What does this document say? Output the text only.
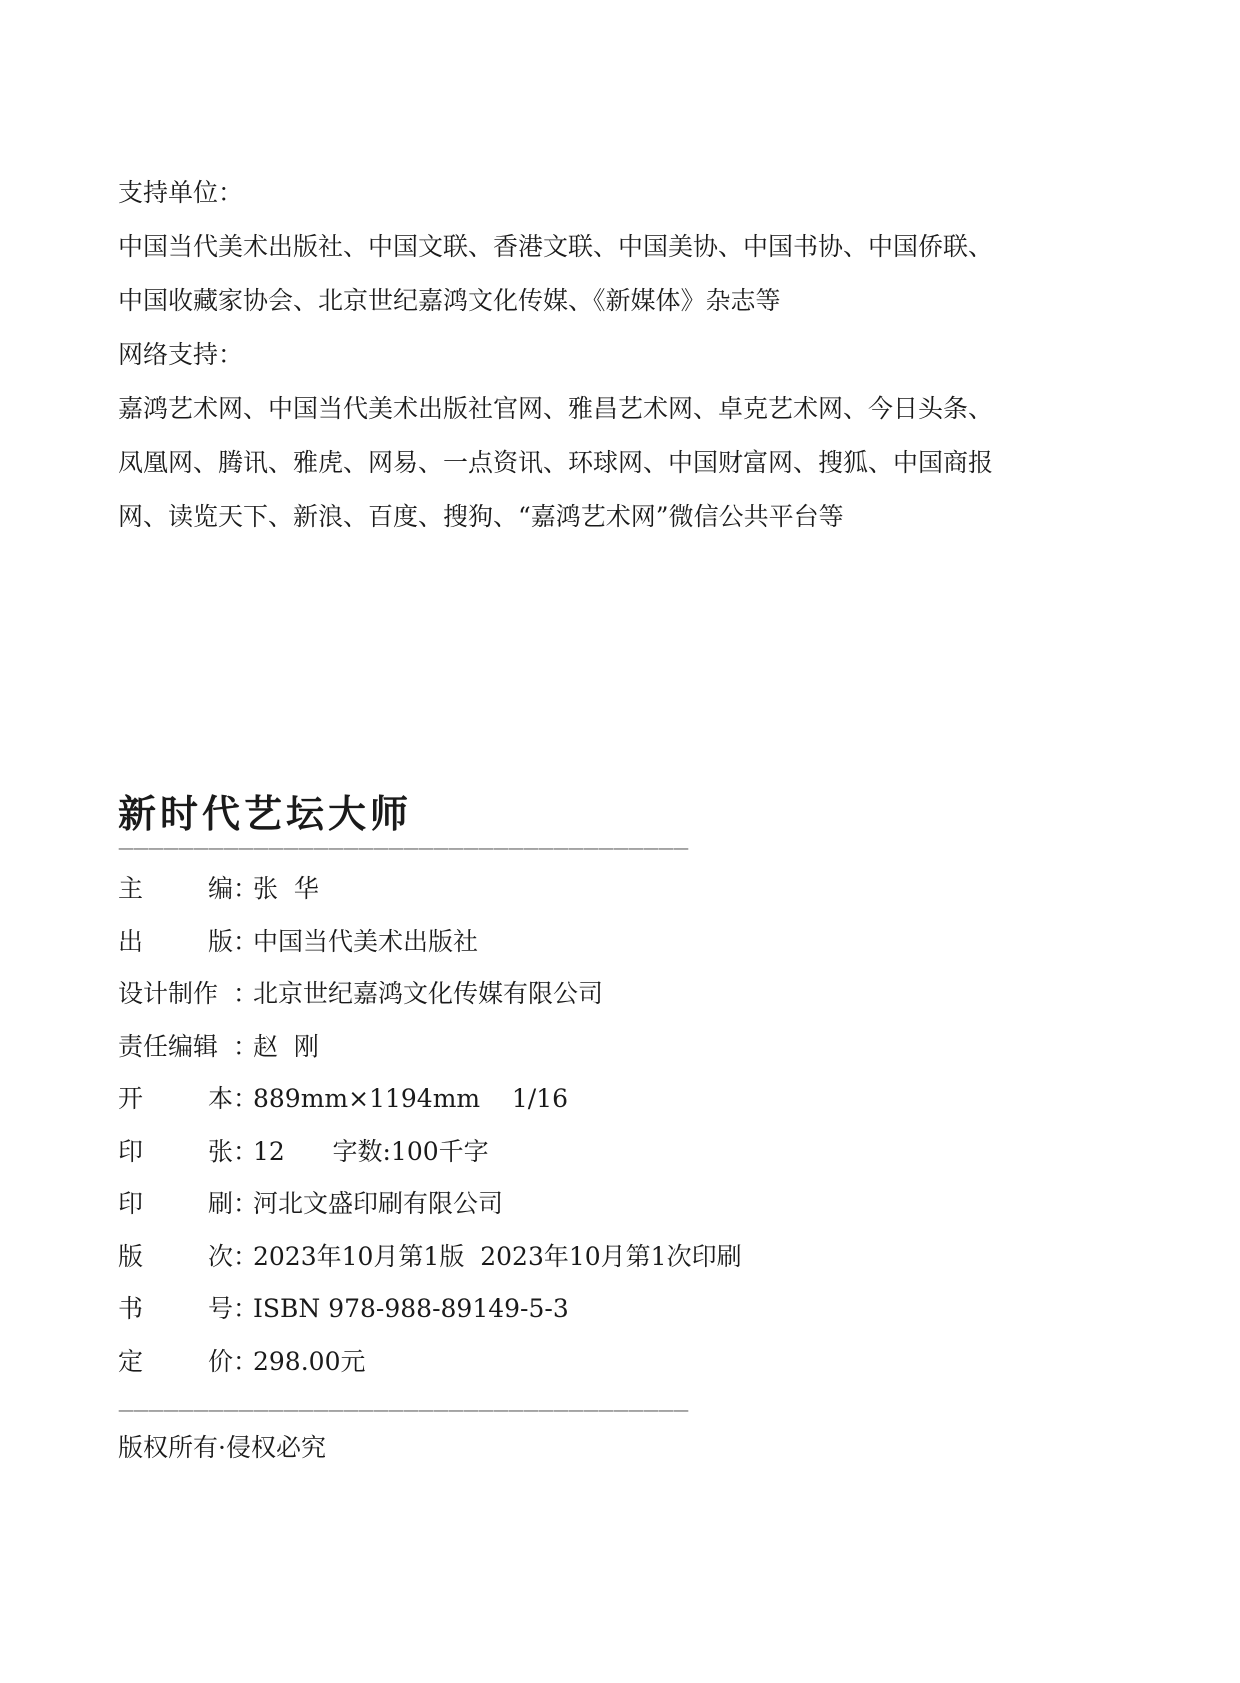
支持单位：

中国当代美术出版社、中国文联、香港文联、中国美协、中国书协、中国侨联、

中国收藏家协会、北京世纪嘉鸿文化传媒、《新媒体》杂志等

网络支持：

嘉鸿艺术网、中国当代美术出版社官网、雅昌艺术网、卓克艺术网、今日头条、

凤凰网、腾讯、雅虎、网易、一点资讯、环球网、中国财富网、搜狐、中国商报

网、读览天下、新浪、百度、搜狗、“嘉鸿艺术网”微信公共平台等

新时代艺坛大师
——————————————————————————————————————
主	编 ：
张  华
出	版 ：
中国当代美术出版社
设计制作 ：
北京世纪嘉鸿文化传媒有限公司
责任编辑 ：
赵  刚
开	本 ：
889mm×1194mm    1/16
印	张 ：
12      字数:100千字
印	刷 ：
河北文盛印刷有限公司
版	次 ：
2023年10月第1版  2023年10月第1次印刷
书	号 ：
ISBN 978-988-89149-5-3
定	价 ：
298.00元
——————————————————————————————————————
版权所有·侵权必究
